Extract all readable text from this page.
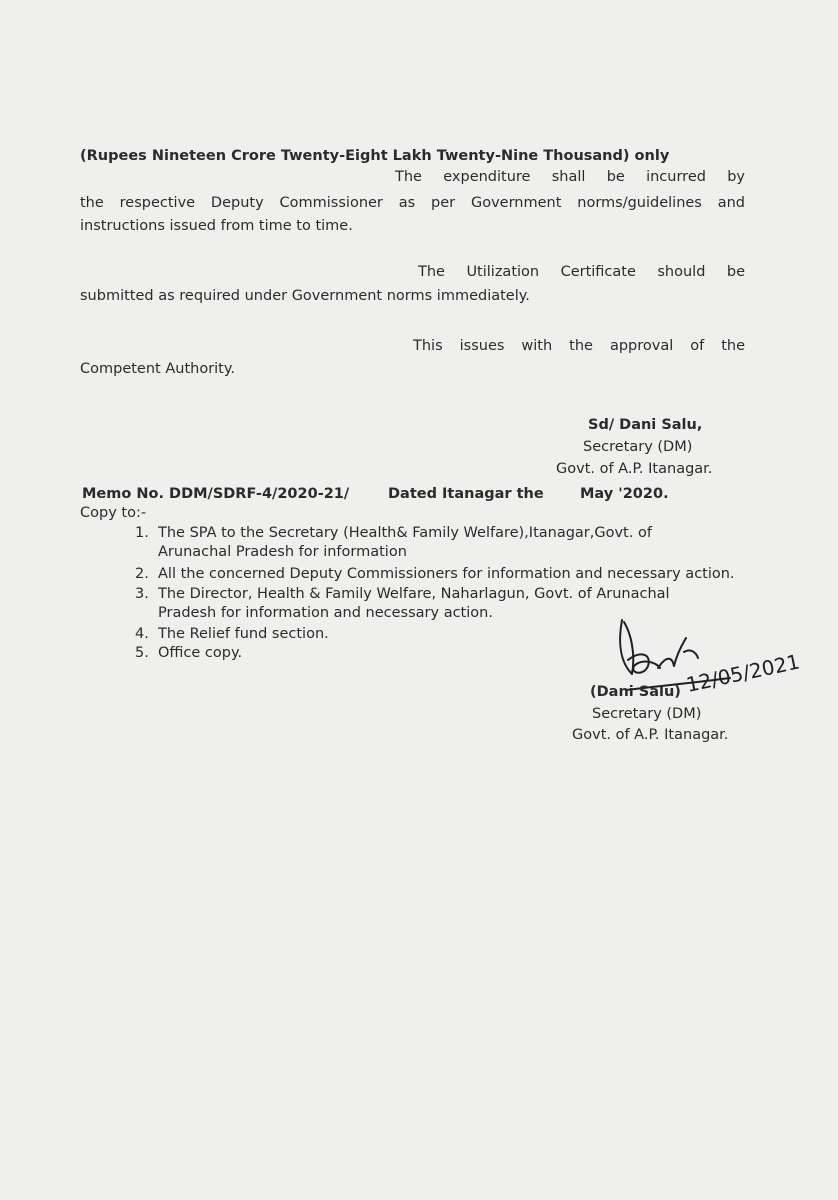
(Rupees Nineteen Crore Twenty-Eight Lakh Twenty-Nine Thousand) only
The expenditure shall be incurred by
the respective Deputy Commissioner as per Government norms/guidelines and
instructions issued from time to time.
The Utilization Certificate should be
submitted as required under Government norms immediately.
This issues with the approval of the
Competent Authority.
Sd/ Dani Salu,
Secretary (DM)
Govt. of A.P. Itanagar.
Memo No. DDM/SDRF-4/2020-21/	Dated Itanagar the	May '2020.
Copy to:-
1. The SPA to the Secretary (Health& Family Welfare),Itanagar,Govt. of
Arunachal Pradesh for information
2. All the concerned Deputy Commissioners for information and necessary action.
3. The Director, Health & Family Welfare, Naharlagun, Govt. of Arunachal
Pradesh for information and necessary action.
4. The Relief fund section.
5. Office copy.	12/05/2021
(Dani Salu)
Secretary (DM)
Govt. of A.P. Itanagar.
